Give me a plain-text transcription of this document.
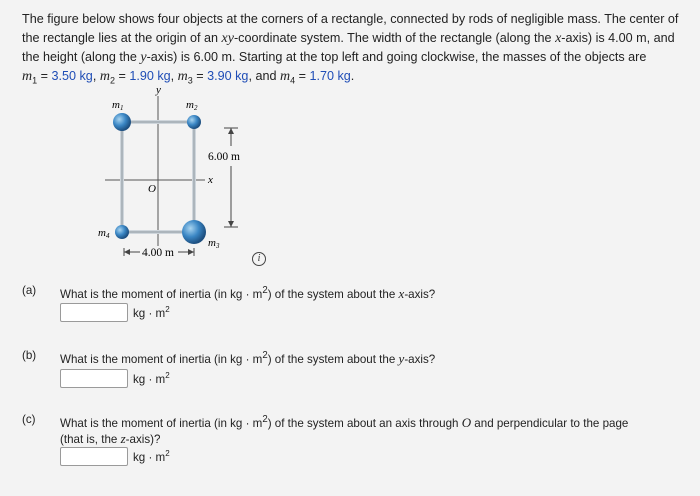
The figure below shows four objects at the corners of a rectangle, connected by rods of negligible mass. The center of the rectangle lies at the origin of an xy-coordinate system. The width of the rectangle (along the x-axis) is 4.00 m, and the height (along the y-axis) is 6.00 m. Starting at the top left and going clockwise, the masses of the objects are
$m_1 = 3.50$ kg, $m_2 = 1.90$ kg, $m_3 = 3.90$ kg, and $m_4 = 1.70$ kg.

y
x
O
m1	m2
m3
m4
6.00 m
4.00 m	i
(a) What is the moment of inertia (in kg · $m^2$) of the system about the x-axis?
kg · $m^2$
(b) What is the moment of inertia (in kg · $m^2$) of the system about the y-axis?
kg · $m^2$
(c) What is the moment of inertia (in kg · $m^2$) of the system about an axis through O and perpendicular to the page
(that is, the z-axis)?
kg · $m^2$
